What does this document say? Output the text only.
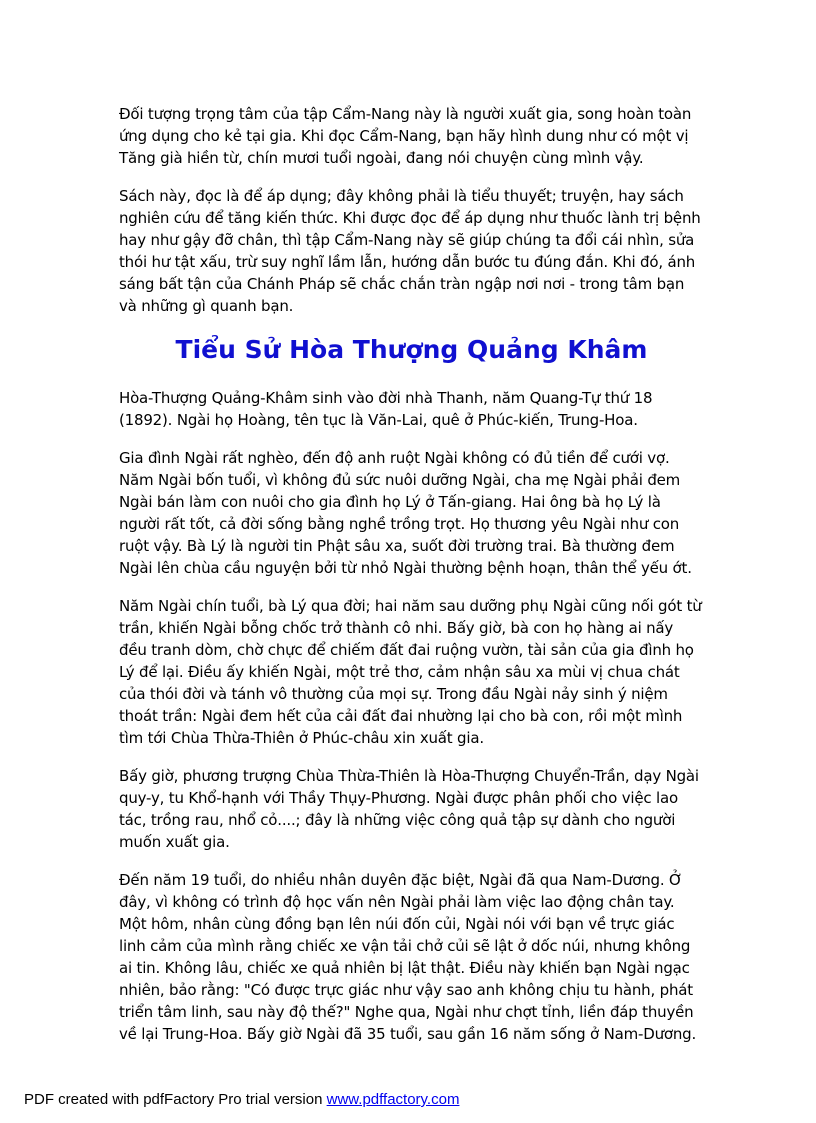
Đối tượng trọng tâm của tập Cẩm-Nang này là người xuất gia, song hoàn toàn ứng dụng cho kẻ tại gia. Khi đọc Cẩm-Nang, bạn hãy hình dung như có một vị Tăng già hiền từ, chín mươi tuổi ngoài, đang nói chuyện cùng mình vậy.

Sách này, đọc là để áp dụng; đây không phải là tiểu thuyết; truyện, hay sách nghiên cứu để tăng kiến thức. Khi được đọc để áp dụng như thuốc lành trị bệnh hay như gậy đỡ chân, thì tập Cẩm-Nang này sẽ giúp chúng ta đổi cái nhìn, sửa thói hư tật xấu, trừ suy nghĩ lầm lẫn, hướng dẫn bước tu đúng đắn. Khi đó, ánh sáng bất tận của Chánh Pháp sẽ chắc chắn tràn ngập nơi nơi - trong tâm bạn và những gì quanh bạn.

Tiểu Sử Hòa Thượng Quảng Khâm

Hòa-Thượng Quảng-Khâm sinh vào đời nhà Thanh, năm Quang-Tự thứ 18 (1892). Ngài họ Hoàng, tên tục là Văn-Lai, quê ở Phúc-kiến, Trung-Hoa.

Gia đình Ngài rất nghèo, đến độ anh ruột Ngài không có đủ tiền để cưới vợ. Năm Ngài bốn tuổi, vì không đủ sức nuôi dưỡng Ngài, cha mẹ Ngài phải đem Ngài bán làm con nuôi cho gia đình họ Lý ở Tấn-giang. Hai ông bà họ Lý là người rất tốt, cả đời sống bằng nghề trồng trọt. Họ thương yêu Ngài như con ruột vậy. Bà Lý là người tin Phật sâu xa, suốt đời trường trai. Bà thường đem Ngài lên chùa cầu nguyện bởi từ nhỏ Ngài thường bệnh hoạn, thân thể yếu ớt.

Năm Ngài chín tuổi, bà Lý qua đời; hai năm sau dưỡng phụ Ngài cũng nối gót từ trần, khiến Ngài bỗng chốc trở thành cô nhi. Bấy giờ, bà con họ hàng ai nấy đều tranh dòm, chờ chực để chiếm đất đai ruộng vườn, tài sản của gia đình họ Lý để lại. Điều ấy khiến Ngài, một trẻ thơ, cảm nhận sâu xa mùi vị chua chát của thói đời và tánh vô thường của mọi sự. Trong đầu Ngài nảy sinh ý niệm thoát trần: Ngài đem hết của cải đất đai nhường lại cho bà con, rồi một mình tìm tới Chùa Thừa-Thiên ở Phúc-châu xin xuất gia.

Bấy giờ, phương trượng Chùa Thừa-Thiên là Hòa-Thượng Chuyển-Trần, dạy Ngài quy-y, tu Khổ-hạnh với Thầy Thụy-Phương. Ngài được phân phối cho việc lao tác, trồng rau, nhổ cỏ....; đây là những việc công quả tập sự dành cho người muốn xuất gia.

Đến năm 19 tuổi, do nhiều nhân duyên đặc biệt, Ngài đã qua Nam-Dương. Ở đây, vì không có trình độ học vấn nên Ngài phải làm việc lao động chân tay. Một hôm, nhân cùng đồng bạn lên núi đốn củi, Ngài nói với bạn về trực giác linh cảm của mình rằng chiếc xe vận tải chở củi sẽ lật ở dốc núi, nhưng không ai tin. Không lâu, chiếc xe quả nhiên bị lật thật. Điều này khiến bạn Ngài ngạc nhiên, bảo rằng: "Có được trực giác như vậy sao anh không chịu tu hành, phát triển tâm linh, sau này độ thế?" Nghe qua, Ngài như chợt tỉnh, liền đáp thuyền về lại Trung-Hoa. Bấy giờ Ngài đã 35 tuổi, sau gần 16 năm sống ở Nam-Dương.

PDF created with pdfFactory Pro trial version www.pdffactory.com
